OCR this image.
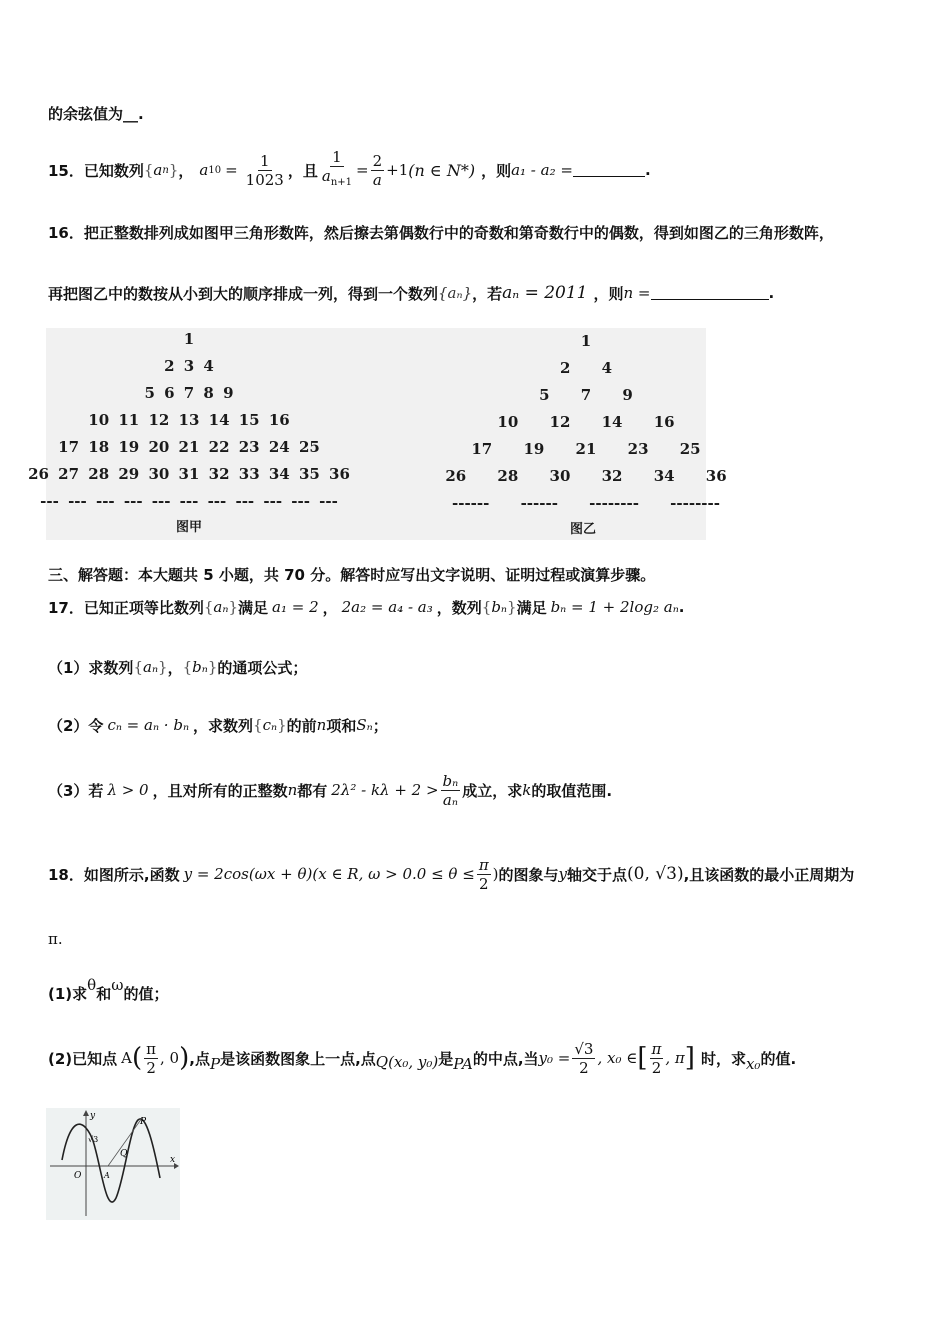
的余弦值为__.
15．已知数列 { a n } ， a $10 = \frac{1}{1023}$ ，且 $\frac{1}{a_{n+1}} = \frac{2}{a} +1$ (n ∈ N*) ，则 a₁ - a₂ =	.
16．把正整数排列成如图甲三角形数阵，然后擦去第偶数行中的奇数和第奇数行中的偶数，得到如图乙的三角形数阵，
再把图乙中的数按从小到大的顺序排成一列，得到一个数列 {aₙ} ，若 aₙ = 2011 ，则 n =	.
图甲	图乙
1
2 3 4
5 6 7 8 9
10 11 12 13 14 15 16
17 18 19 20 21 22 23 24 25
26 27 28 29 30 31 32 33 34 35 36
--- --- --- --- --- --- --- --- --- --- ---
1
2 4
5 7 9
10 12 14 16
17 19 21 23 25
26 28 30 32 34 36
------ ------ -------- --------
三、解答题：本大题共 5 小题，共 70 分。解答时应写出文字说明、证明过程或演算步骤。
17．已知正项等比数列 { aₙ } 满足 a₁ = 2 ， 2a₂ = a₄ - a₃ ，数列 { bₙ } 满足 bₙ = 1 + 2log₂ aₙ .
（1）求数列 { aₙ } ， { bₙ } 的通项公式；
（2）令 cₙ = aₙ · bₙ ，求数列 { cₙ } 的前 n 项和 Sₙ ；
（3）若 λ > 0 ，且对所有的正整数 n 都有 $2\lambda^2 - k\lambda + 2 > \frac{\text{bₙ}}{\text{aₙ}}$ 成立，求 k 的取值范围.
18．如图所示,函数 y = 2cos(ωx + θ)(x ∈ R, $\omega > 0.0 \le \theta \le \frac{\pi}{2}$ ) 的图象与 y 轴交于点 (0, √3) ,且该函数的最小正周期为
π.
(1)求 θ 和 ω 的值；
(2)已知点 A ( $\frac{\pi}{2}$ , 0 ) ,点 P 是该函数图象上一点,点 Q(x₀, y₀) 是 PA 的中点,当 $y_0 = \frac{√3}{2}$ , x₀ ∈ [ $\frac{\pi}{2}$ , π ] 时，求 x₀ 的值.
y
x
O
√3
A
Q
P
